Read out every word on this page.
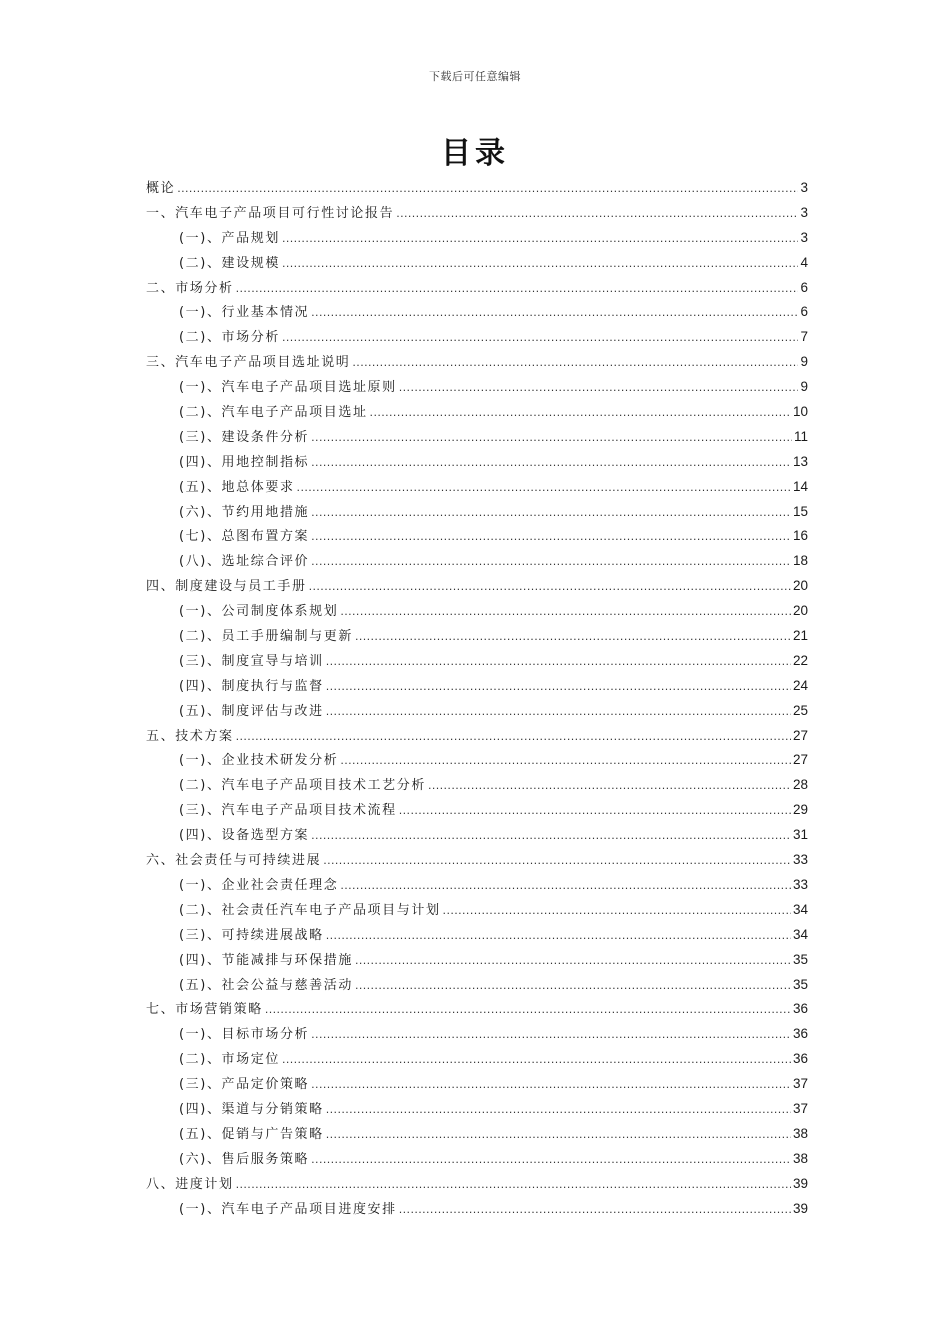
下载后可任意编辑
目录
概论 .....	3
一、汽车电子产品项目可行性讨论报告 .....	3
(一)、产品规划 .....	3
(二)、建设规模 .....	4
二、市场分析 .....	6
(一)、行业基本情况 .....	6
(二)、市场分析 .....	7
三、汽车电子产品项目选址说明 .....	9
(一)、汽车电子产品项目选址原则 .....	9
(二)、汽车电子产品项目选址 .....	10
(三)、建设条件分析 .....	11
(四)、用地控制指标 .....	13
(五)、地总体要求 .....	14
(六)、节约用地措施 .....	15
(七)、总图布置方案 .....	16
(八)、选址综合评价 .....	18
四、制度建设与员工手册 .....	20
(一)、公司制度体系规划 .....	20
(二)、员工手册编制与更新 .....	21
(三)、制度宣导与培训 .....	22
(四)、制度执行与监督 .....	24
(五)、制度评估与改进 .....	25
五、技术方案 .....	27
(一)、企业技术研发分析 .....	27
(二)、汽车电子产品项目技术工艺分析 .....	28
(三)、汽车电子产品项目技术流程 .....	29
(四)、设备选型方案 .....	31
六、社会责任与可持续进展 .....	33
(一)、企业社会责任理念 .....	33
(二)、社会责任汽车电子产品项目与计划 .....	34
(三)、可持续进展战略 .....	34
(四)、节能减排与环保措施 .....	35
(五)、社会公益与慈善活动 .....	35
七、市场营销策略 .....	36
(一)、目标市场分析 .....	36
(二)、市场定位 .....	36
(三)、产品定价策略 .....	37
(四)、渠道与分销策略 .....	37
(五)、促销与广告策略 .....	38
(六)、售后服务策略 .....	38
八、进度计划 .....	39
(一)、汽车电子产品项目进度安排 .....	39
